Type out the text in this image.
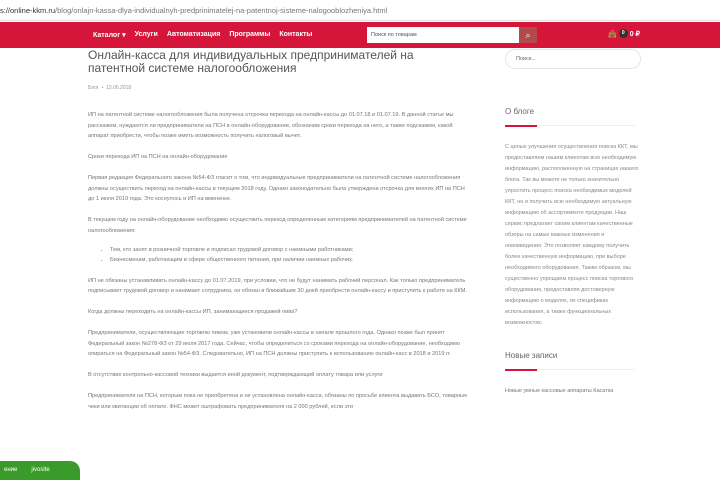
s://online-kkm.ru/blog/onlajn-kassa-dlya-individualnyh-predprinimatelej-na-patentnoj-sisteme-nalogooblozheniya.html
Каталог ▾ Услуги Автоматизация Программы Контакты	Поиск по товарам	⌕	👜	0 0 ₽
Онлайн-касса для индивидуальных предпринимателей на патентной системе налогообложения
Блог  •  13.06.2018

ИП на патентной системе налогообложения была получена отсрочка перехода на онлайн-кассы до 01.07.18 и 01.07.19. В данной статье мы расскажем, нуждаются ли предприниматели на ПСН в онлайн-оборудовании, обозначим сроки перехода на него, а также подскажем, какой аппарат приобрести, чтобы позже иметь возможность получить налоговый вычет.

Сроки перехода ИП на ПСН на онлайн-оборудование

Первая редакция Федерального закона №54-ФЗ гласит о том, что индивидуальные предприниматели на патентной системе налогообложения должны осуществить переход на онлайн-кассы в текущем 2018 году. Однако законодательно была утверждена отсрочка для многих ИП на ПСН до 1 июля 2019 года. Это коснулось и ИП на вмененке.

В текущем году на онлайн-оборудование необходимо осуществить переход определенным категориям предпринимателей на патентной системе налогообложения:

• Тем, кто занят в розничной торговле и подписал трудовой договор с наемными работниками;
• Бизнесменам, работающим в сфере общественного питания, при наличии наемных рабочих.

ИП не обязаны устанавливать онлайн-кассу до 01.07.2019, при условии, что не будут нанимать рабочий персонал. Как только предприниматель подписывает трудовой договор и нанимает сотрудника, он обязан в ближайшие 30 дней приобрести онлайн-кассу и приступить к работе на ККМ.

Когда должны переходить на онлайн-кассы ИП, занимающиеся продажей пива?

Предприниматели, осуществляющие торговлю пивом, уже установили онлайн-кассы в начале прошлого года. Однако позже был принят Федеральный закон №278-ФЗ от 29 июля 2017 года. Сейчас, чтобы определиться со сроками перехода на онлайн-оборудование, необходимо опираться на Федеральный закон №54-ФЗ. Следовательно, ИП на ПСН должны приступить к использованию онлайн-касс в 2018 и 2019 гг.

В отсутствие контрольно-кассовой техники выдается иной документ, подтверждающий оплату товара или услуги

Предприниматели на ПСН, которым пока не приобретена и не установлена онлайн-касса, обязаны по просьбе клиента выдавать БСО, товарные чеки или квитанции об оплате. ФНС может оштрафовать предпринимателя на 2 000 рублей, если эти

Поиск...
О блоге
С целью улучшения осуществления поиска ККТ, мы предоставляем нашим клиентам всю необходимую информацию, расположенную на страницах нашего блога. Так вы можете не только значительно упростить процесс поиска необходимых моделей ККТ, но и получить всю необходимую актуальную информацию об ассортименте продукции. Наш сервис предлагает своим клиентам качественные обзоры на самые важные изменения и нововведения. Это позволяет каждому получить более качественную информацию, при выборе необходимого оборудования. Таким образом, мы существенно упрощаем процесс поиска торгового оборудования, предоставляя достоверную информацию о моделях, их спецификах использования, а также функциональных возможностях.
Новые записи
Новые умные кассовые аппараты Касатка
ение jivosite
